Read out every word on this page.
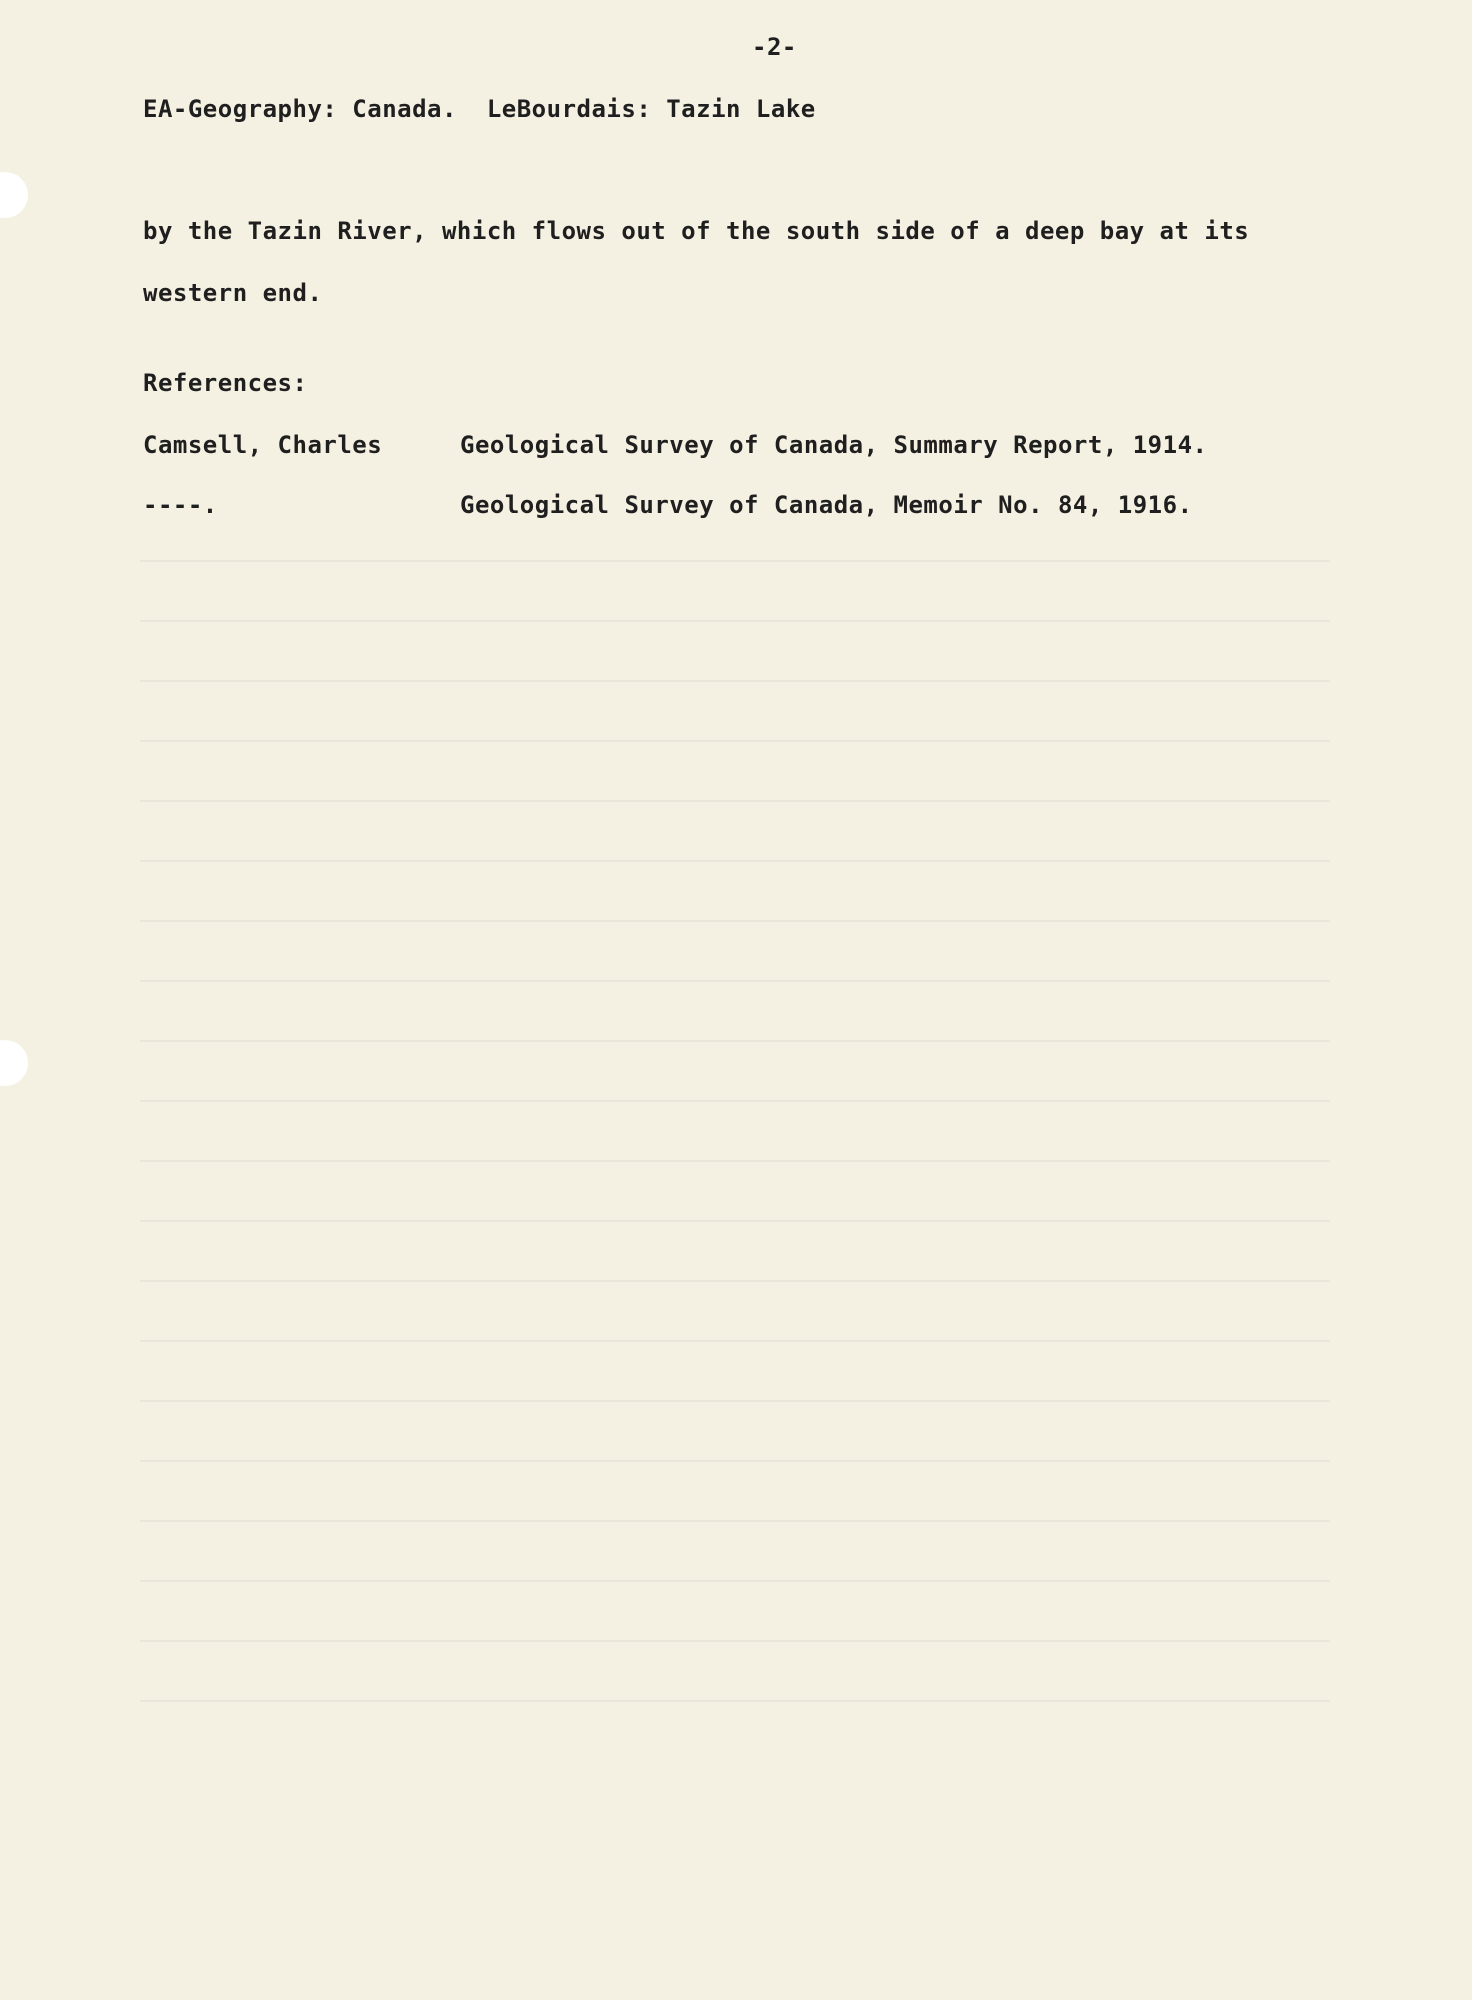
-2-
EA-Geography: Canada.  LeBourdais: Tazin Lake
by the Tazin River, which flows out of the south side of a deep bay at its
western end.
References:
Camsell, Charles	Geological Survey of Canada, Summary Report, 1914.
----.	Geological Survey of Canada, Memoir No. 84, 1916.
